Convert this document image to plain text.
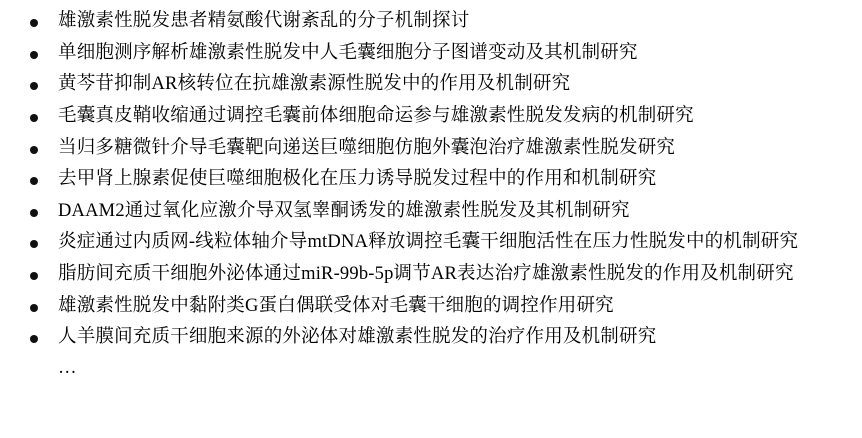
雄激素性脱发患者精氨酸代谢紊乱的分子机制探讨
单细胞测序解析雄激素性脱发中人毛囊细胞分子图谱变动及其机制研究
黄芩苷抑制AR核转位在抗雄激素源性脱发中的作用及机制研究
毛囊真皮鞘收缩通过调控毛囊前体细胞命运参与雄激素性脱发发病的机制研究
当归多糖微针介导毛囊靶向递送巨噬细胞仿胞外囊泡治疗雄激素性脱发研究
去甲肾上腺素促使巨噬细胞极化在压力诱导脱发过程中的作用和机制研究
DAAM2通过氧化应激介导双氢睾酮诱发的雄激素性脱发及其机制研究
炎症通过内质网-线粒体轴介导mtDNA释放调控毛囊干细胞活性在压力性脱发中的机制研究
脂肪间充质干细胞外泌体通过miR-99b-5p调节AR表达治疗雄激素性脱发的作用及机制研究
雄激素性脱发中黏附类G蛋白偶联受体对毛囊干细胞的调控作用研究
人羊膜间充质干细胞来源的外泌体对雄激素性脱发的治疗作用及机制研究
…
